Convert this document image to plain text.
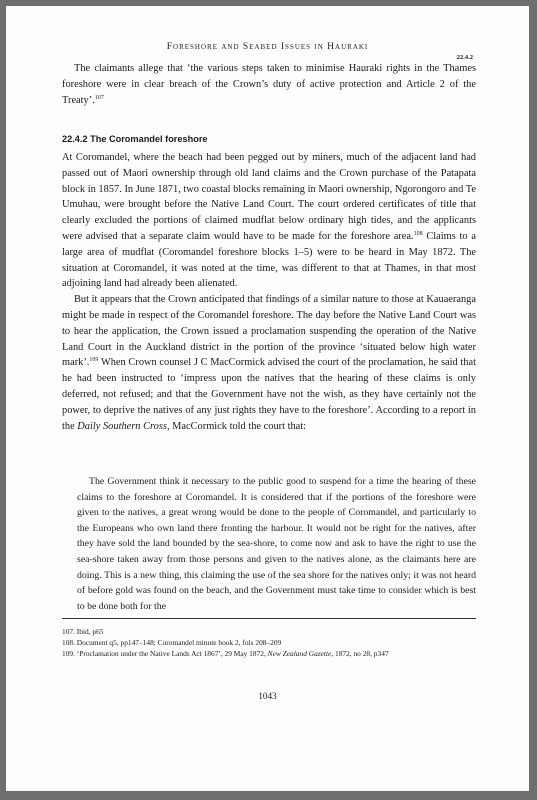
Foreshore and Seabed Issues in Hauraki
22.4.2

The claimants allege that ‘the various steps taken to minimise Hauraki rights in the Thames foreshore were in clear breach of the Crown’s duty of active protection and Article 2 of the Treaty’.$^{107}$

22.4.2 The Coromandel foreshore

At Coromandel, where the beach had been pegged out by miners, much of the adjacent land had passed out of Maori ownership through old land claims and the Crown purchase of the Patapata block in 1857. In June 1871, two coastal blocks remaining in Maori ownership, Ngorongoro and Te Umuhau, were brought before the Native Land Court. The court ordered certificates of title that clearly excluded the portions of claimed mudflat below ordinary high tides, and the applicants were advised that a separate claim would have to be made for the foreshore area.$^{108}$ Claims to a large area of mudflat (Coromandel foreshore blocks 1–5) were to be heard in May 1872. The situation at Coromandel, it was noted at the time, was different to that at Thames, in that most adjoining land had already been alienated.

But it appears that the Crown anticipated that findings of a similar nature to those at Kauaeranga might be made in respect of the Coromandel foreshore. The day before the Native Land Court was to hear the application, the Crown issued a proclamation suspending the operation of the Native Land Court in the Auckland district in the portion of the province ‘situated below high water mark’.$^{109}$ When Crown counsel J C MacCormick advised the court of the proclamation, he said that he had been instructed to ‘impress upon the natives that the hearing of these claims is only deferred, not refused; and that the Government have not the wish, as they have certainly not the power, to deprive the natives of any just rights they have to the foreshore’. According to a report in the Daily Southern Cross, MacCormick told the court that:

The Government think it necessary to the public good to suspend for a time the hearing of these claims to the foreshore at Coromandel. It is considered that if the portions of the foreshore were given to the natives, a great wrong would be done to the people of Coromandel, and particularly to the Europeans who own land there fronting the harbour. It would not be right for the natives, after they have sold the land bounded by the sea-shore, to come now and ask to have the right to use the sea-shore taken away from those persons and given to the natives alone, as the claimants here are doing. This is a new thing, this claiming the use of the sea shore for the natives only; it was not heard of before gold was found on the beach, and the Government must take time to consider which is best to be done both for the

107. Ibid, p65
108. Document q5, pp147–148; Coromandel minute book 2, fols 208–209
109. ‘Proclamation under the Native Lands Act 1867’, 29 May 1872, New Zealand Gazette, 1872, no 28, p347
1043
